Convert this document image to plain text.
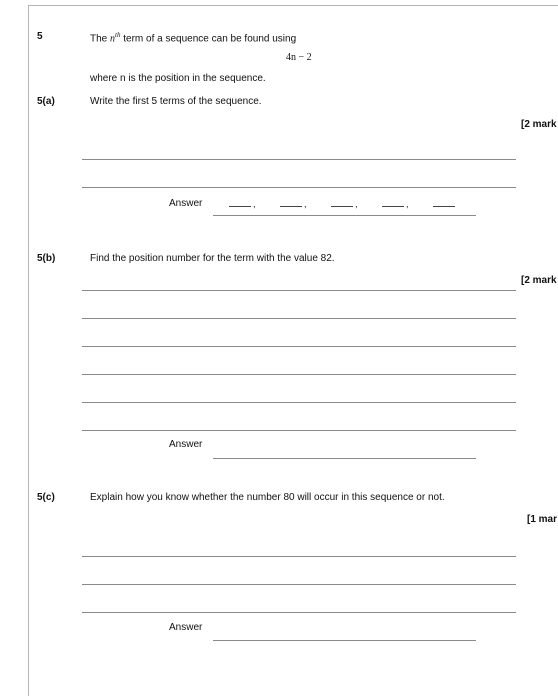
5	The $n^{th}$ term of a sequence can be found using
4n − 2
where n is the position in the sequence.
5(a)	Write the first 5 terms of the sequence.
[2 mark
Answer	,	,	,	,
5(b)	Find the position number for the term with the value 82.
[2 mark
Answer
5(c)	Explain how you know whether the number 80 will occur in this sequence or not.
[1 mar
Answer
